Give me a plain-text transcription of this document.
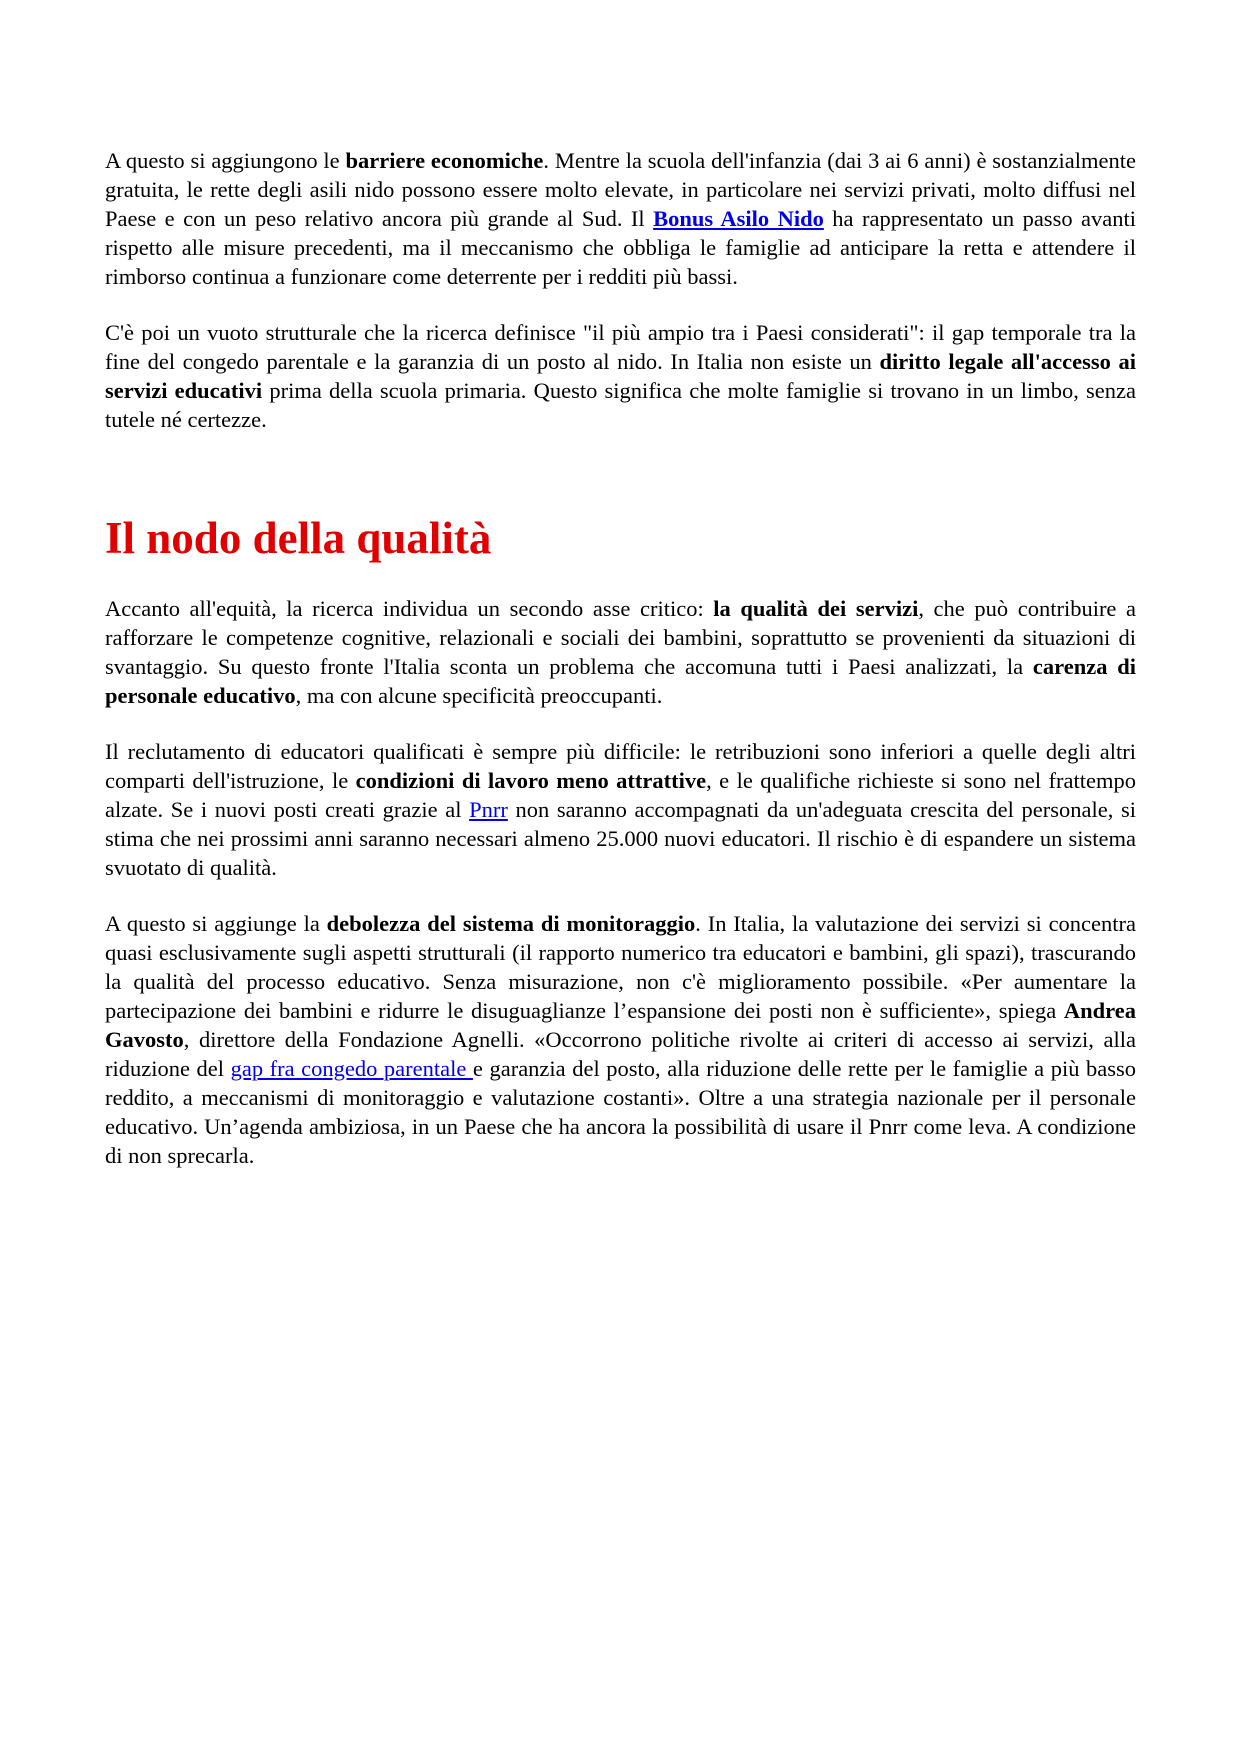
A questo si aggiungono le barriere economiche. Mentre la scuola dell'infanzia (dai 3 ai 6 anni) è sostanzialmente gratuita, le rette degli asili nido possono essere molto elevate, in particolare nei servizi privati, molto diffusi nel Paese e con un peso relativo ancora più grande al Sud. Il Bonus Asilo Nido ha rappresentato un passo avanti rispetto alle misure precedenti, ma il meccanismo che obbliga le famiglie ad anticipare la retta e attendere il rimborso continua a funzionare come deterrente per i redditi più bassi.

C'è poi un vuoto strutturale che la ricerca definisce "il più ampio tra i Paesi considerati": il gap temporale tra la fine del congedo parentale e la garanzia di un posto al nido. In Italia non esiste un diritto legale all'accesso ai servizi educativi prima della scuola primaria. Questo significa che molte famiglie si trovano in un limbo, senza tutele né certezze.

Il nodo della qualità

Accanto all'equità, la ricerca individua un secondo asse critico: la qualità dei servizi, che può contribuire a rafforzare le competenze cognitive, relazionali e sociali dei bambini, soprattutto se provenienti da situazioni di svantaggio. Su questo fronte l'Italia sconta un problema che accomuna tutti i Paesi analizzati, la carenza di personale educativo, ma con alcune specificità preoccupanti.

Il reclutamento di educatori qualificati è sempre più difficile: le retribuzioni sono inferiori a quelle degli altri comparti dell'istruzione, le condizioni di lavoro meno attrattive, e le qualifiche richieste si sono nel frattempo alzate. Se i nuovi posti creati grazie al Pnrr non saranno accompagnati da un'adeguata crescita del personale, si stima che nei prossimi anni saranno necessari almeno 25.000 nuovi educatori. Il rischio è di espandere un sistema svuotato di qualità.

A questo si aggiunge la debolezza del sistema di monitoraggio. In Italia, la valutazione dei servizi si concentra quasi esclusivamente sugli aspetti strutturali (il rapporto numerico tra educatori e bambini, gli spazi), trascurando la qualità del processo educativo. Senza misurazione, non c'è miglioramento possibile. «Per aumentare la partecipazione dei bambini e ridurre le disuguaglianze l’espansione dei posti non è sufficiente», spiega Andrea Gavosto, direttore della Fondazione Agnelli. «Occorrono politiche rivolte ai criteri di accesso ai servizi, alla riduzione del gap fra congedo parentale e garanzia del posto, alla riduzione delle rette per le famiglie a più basso reddito, a meccanismi di monitoraggio e valutazione costanti». Oltre a una strategia nazionale per il personale educativo. Un’agenda ambiziosa, in un Paese che ha ancora la possibilità di usare il Pnrr come leva. A condizione di non sprecarla.
